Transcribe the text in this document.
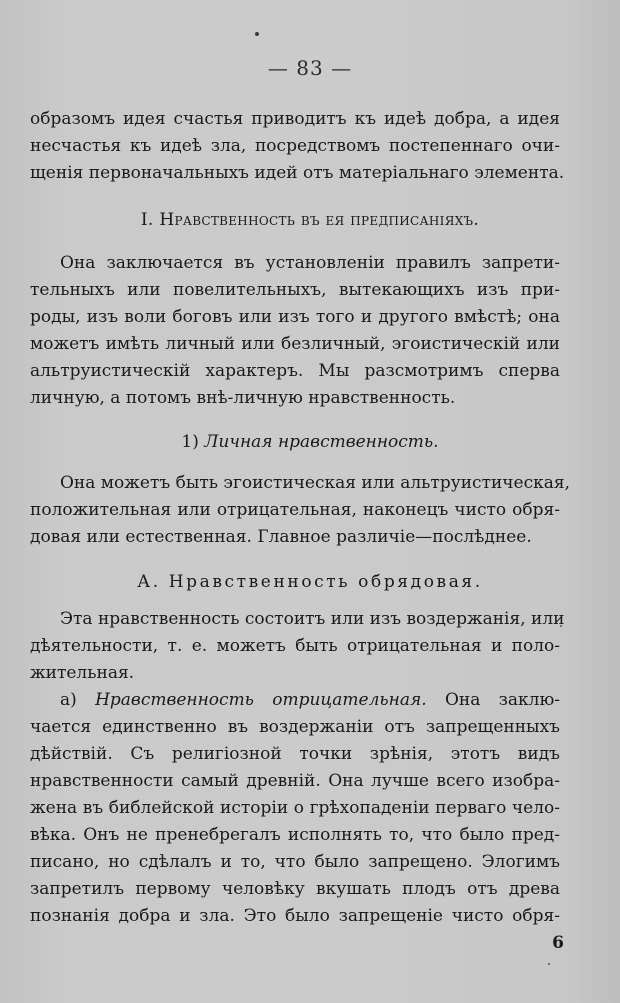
— 83 —
образомъ идея счастья приводитъ къ идеѣ добра, а идея
несчастья къ идеѣ зла, посредствомъ постепеннаго очи-
щенія первоначальныхъ идей отъ матеріальнаго элемента.
I. Нравственность въ ея предписаніяхъ.
Она заключается въ установленіи правилъ запрети-
тельныхъ или повелительныхъ, вытекающихъ изъ при-
роды, изъ воли боговъ или изъ того и другого вмѣстѣ; она
можетъ имѣть личный или безличный, эгоистическій или
альтруистическій характеръ. Мы разсмотримъ сперва
личную, а потомъ внѣ-личную нравственность.
1) Личная нравственность.
Она можетъ быть эгоистическая или альтруистическая,
положительная или отрицательная, наконецъ чисто обря-
довая или естественная. Главное различіе—послѣднее.
А. Нравственность обрядовая.
Эта нравственность состоитъ или изъ воздержанія, или
дѣятельности, т. е. можетъ быть отрицательная и поло-
жительная.
а) Нравственность отрицательная. Она заклю-
чается единственно въ воздержаніи отъ запрещенныхъ
дѣйствій. Съ религіозной точки зрѣнія, этотъ видъ
нравственности самый древній. Она лучше всего изобра-
жена въ библейской исторіи о грѣхопаденіи перваго чело-
вѣка. Онъ не пренебрегалъ исполнять то, что было пред-
писано, но сдѣлалъ и то, что было запрещено. Элогимъ
запретилъ первому человѣку вкушать плодъ отъ древа
познанія добра и зла. Это было запрещеніе чисто обря-
6
